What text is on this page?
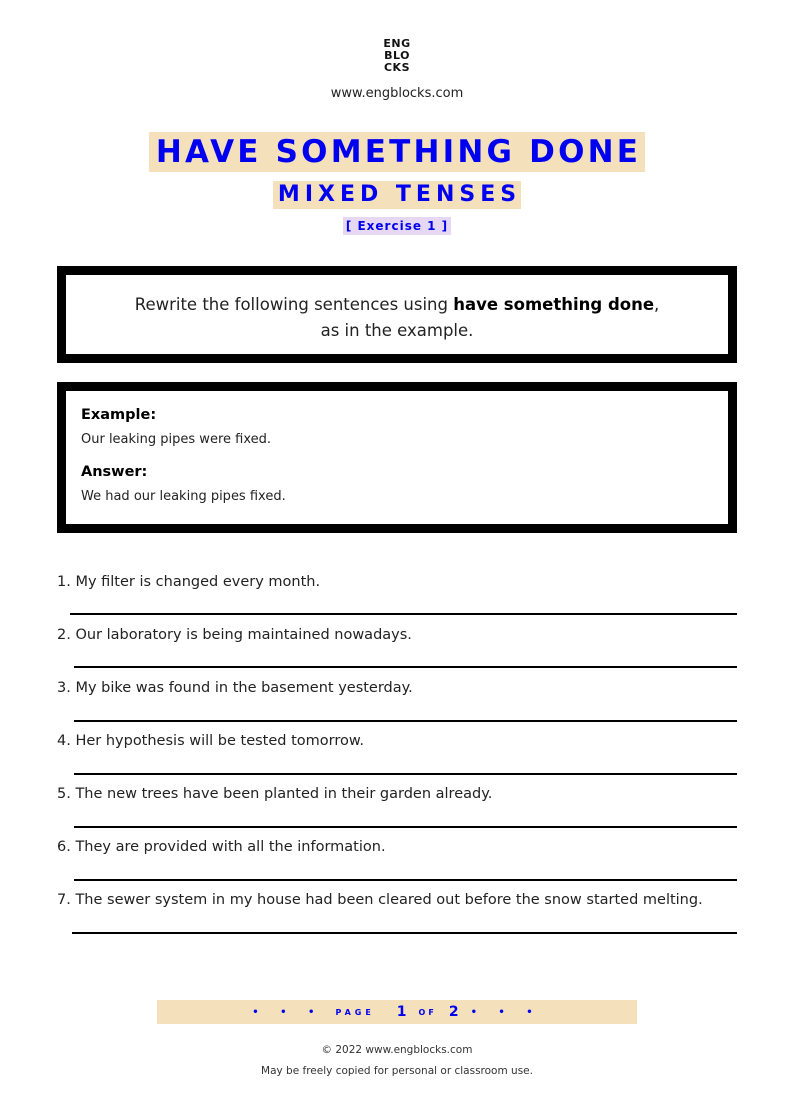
ENG
BLO
CKS
www.engblocks.com
HAVE SOMETHING DONE
MIXED TENSES
[ Exercise 1 ]
Rewrite the following sentences using have something done,
as in the example.
Example:
Our leaking pipes were fixed.
Answer:
We had our leaking pipes fixed.
1. My filter is changed every month.
2. Our laboratory is being maintained nowadays.
3. My bike was found in the basement yesterday.
4. Her hypothesis will be tested tomorrow.
5. The new trees have been planted in their garden already.
6. They are provided with all the information.
7. The sewer system in my house had been cleared out before the snow started melting.
• • • PAGE 1 OF 2 • • •
© 2022 www.engblocks.com
May be freely copied for personal or classroom use.
